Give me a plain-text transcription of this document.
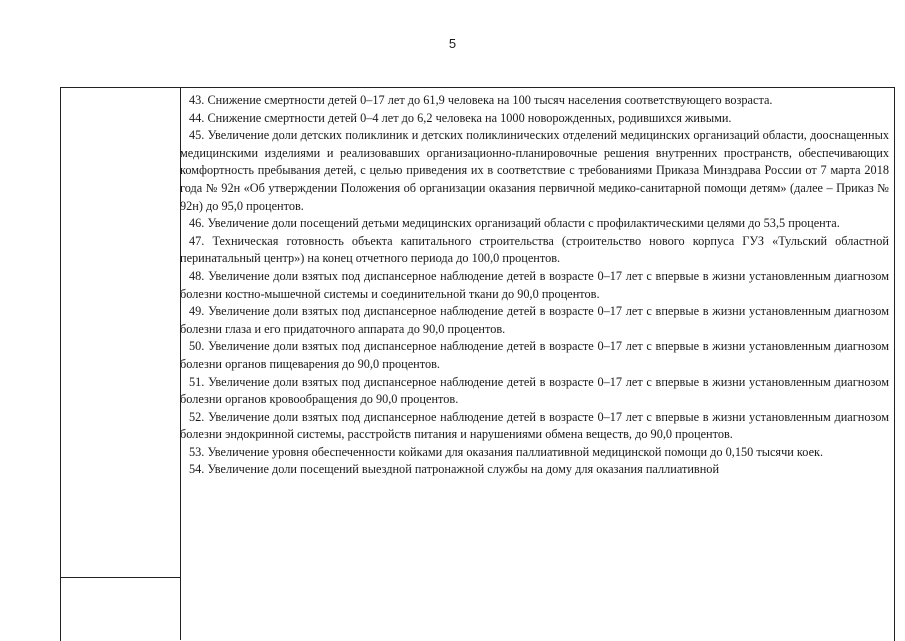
5

43. Снижение смертности детей 0–17 лет до 61,9 человека на 100 тысяч населения соответствующего возраста.

44. Снижение смертности детей 0–4 лет до 6,2 человека на 1000 новорожденных, родившихся живыми.

45. Увеличение доли детских поликлиник и детских поликлинических отделений медицинских организаций области, дооснащенных медицинскими изделиями и реализовавших организационно-планировочные решения внутренних пространств, обеспечивающих комфортность пребывания детей, с целью приведения их в соответствие с требованиями Приказа Минздрава России от 7 марта 2018 года № 92н «Об утверждении Положения об организации оказания первичной медико-санитарной помощи детям» (далее – Приказ № 92н) до 95,0 процентов.

46. Увеличение доли посещений детьми медицинских организаций области с профилактическими целями до 53,5 процента.

47. Техническая готовность объекта капитального строительства (строительство нового корпуса ГУЗ «Тульский областной перинатальный центр») на конец отчетного периода до 100,0 процентов.

48. Увеличение доли взятых под диспансерное наблюдение детей в возрасте 0–17 лет с впервые в жизни установленным диагнозом болезни костно-мышечной системы и соединительной ткани до 90,0 процентов.

49. Увеличение доли взятых под диспансерное наблюдение детей в возрасте 0–17 лет с впервые в жизни установленным диагнозом болезни глаза и его придаточного аппарата до 90,0 процентов.

50. Увеличение доли взятых под диспансерное наблюдение детей в возрасте 0–17 лет с впервые в жизни установленным диагнозом болезни органов пищеварения до 90,0 процентов.

51. Увеличение доли взятых под диспансерное наблюдение детей в возрасте 0–17 лет с впервые в жизни установленным диагнозом болезни органов кровообращения до 90,0 процентов.

52. Увеличение доли взятых под диспансерное наблюдение детей в возрасте 0–17 лет с впервые в жизни установленным диагнозом болезни эндокринной системы, расстройств питания и нарушениями обмена веществ, до 90,0 процентов.

53. Увеличение уровня обеспеченности койками для оказания паллиативной медицинской помощи до 0,150 тысячи коек.

54. Увеличение доли посещений выездной патронажной службы на дому для оказания паллиативной
